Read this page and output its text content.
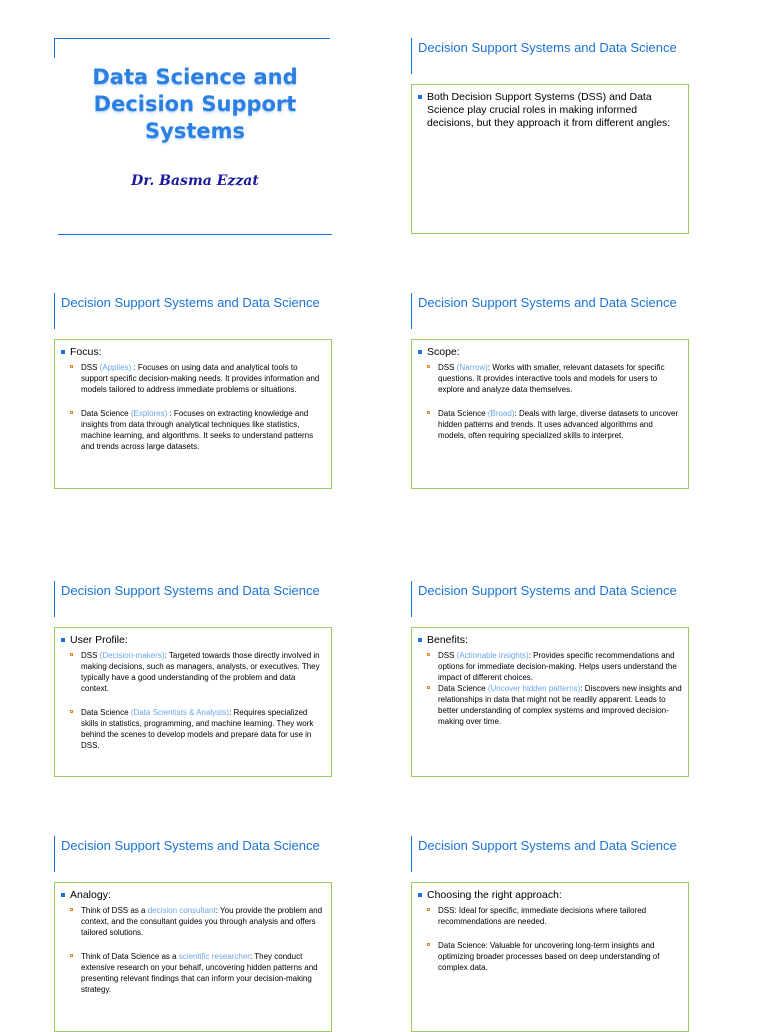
Data Science and Decision Support Systems
Dr. Basma Ezzat
Decision Support Systems and Data Science
Both Decision Support Systems (DSS) and Data Science play crucial roles in making informed decisions, but they approach it from different angles:
Decision Support Systems and Data Science
Focus:
DSS (Applies) : Focuses on using data and analytical tools to support specific decision-making needs. It provides information and models tailored to address immediate problems or situations.
Data Science (Explores) : Focuses on extracting knowledge and insights from data through analytical techniques like statistics, machine learning, and algorithms. It seeks to understand patterns and trends across large datasets.
Decision Support Systems and Data Science
Scope:
DSS (Narrow): Works with smaller, relevant datasets for specific questions. It provides interactive tools and models for users to explore and analyze data themselves.
Data Science (Broad): Deals with large, diverse datasets to uncover hidden patterns and trends. It uses advanced algorithms and models, often requiring specialized skills to interpret.
Decision Support Systems and Data Science
User Profile:
DSS (Decision-makers): Targeted towards those directly involved in making decisions, such as managers, analysts, or executives. They typically have a good understanding of the problem and data context.
Data Science (Data Scientists & Analysts): Requires specialized skills in statistics, programming, and machine learning. They work behind the scenes to develop models and prepare data for use in DSS.
Decision Support Systems and Data Science
Benefits:
DSS (Actionable insights): Provides specific recommendations and options for immediate decision-making. Helps users understand the impact of different choices.
Data Science (Uncover hidden patterns): Discovers new insights and relationships in data that might not be readily apparent. Leads to better understanding of complex systems and improved decision-making over time.
Decision Support Systems and Data Science
Analogy:
Think of DSS as a decision consultant: You provide the problem and context, and the consultant guides you through analysis and offers tailored solutions.
Think of Data Science as a scientific researcher: They conduct extensive research on your behalf, uncovering hidden patterns and presenting relevant findings that can inform your decision-making strategy.
Decision Support Systems and Data Science
Choosing the right approach:
DSS: Ideal for specific, immediate decisions where tailored recommendations are needed.
Data Science: Valuable for uncovering long-term insights and optimizing broader processes based on deep understanding of complex data.
